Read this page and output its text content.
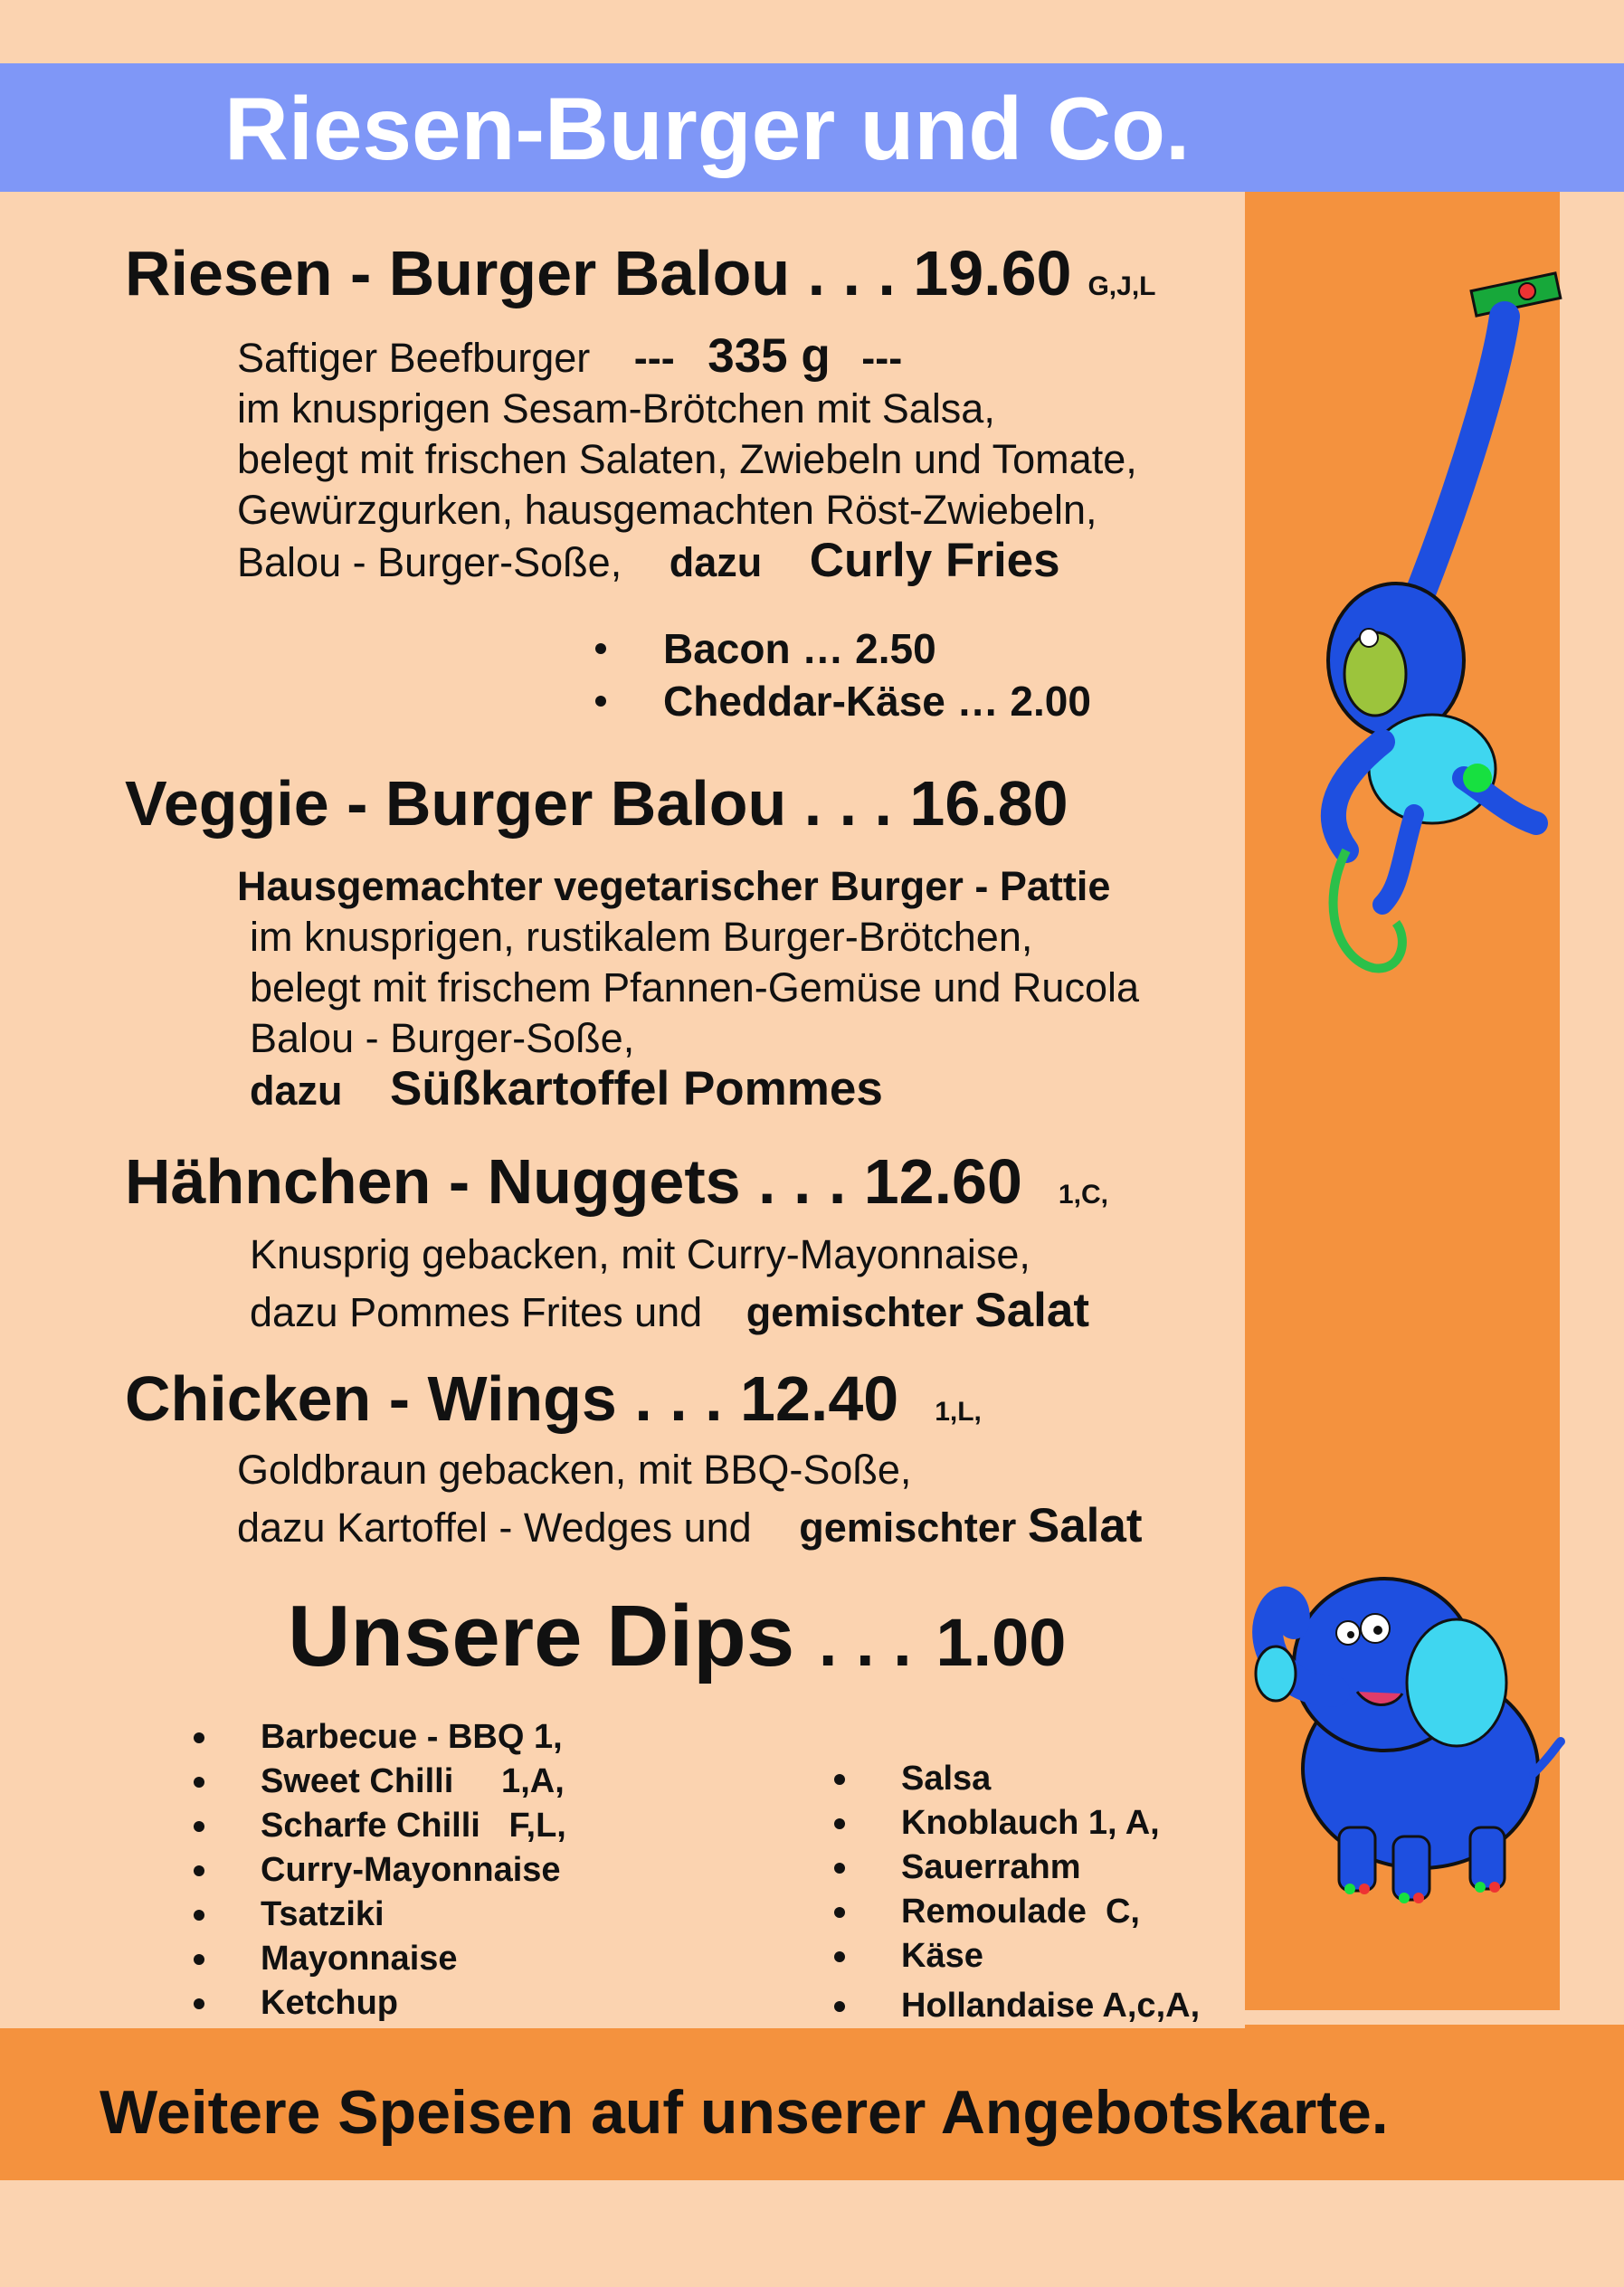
Riesen-Burger und Co.
Riesen - Burger Balou . . . 19.60 G,J,L
Saftiger Beefburger --- 335 g ---
im knusprigen Sesam-Brötchen mit Salsa,
belegt mit frischen Salaten, Zwiebeln und Tomate,
Gewürzgurken, hausgemachten Röst-Zwiebeln,
Balou - Burger-Soße, dazu Curly Fries
Bacon … 2.50
Cheddar-Käse … 2.00
Veggie - Burger Balou . . . 16.80
Hausgemachter vegetarischer Burger - Pattie
im knusprigen, rustikalem Burger-Brötchen,
belegt mit frischem Pfannen-Gemüse und Rucola
Balou - Burger-Soße,
dazu Süßkartoffel Pommes
Hähnchen - Nuggets . . . 12.60 1,C,
Knusprig gebacken, mit Curry-Mayonnaise,
dazu Pommes Frites und gemischter Salat
Chicken - Wings . . . 12.40 1,L,
Goldbraun gebacken, mit BBQ-Soße,
dazu Kartoffel - Wedges und gemischter Salat
Unsere Dips . . . 1.00
Barbecue - BBQ 1,
Sweet Chilli     1,A,
Scharfe Chilli   F,L,
Curry-Mayonnaise
Tsatziki
Mayonnaise
Ketchup
Salsa
Knoblauch 1, A,
Sauerrahm
Remoulade  C,
Käse
Hollandaise A,c,A,
Weitere Speisen auf unserer Angebotskarte.
